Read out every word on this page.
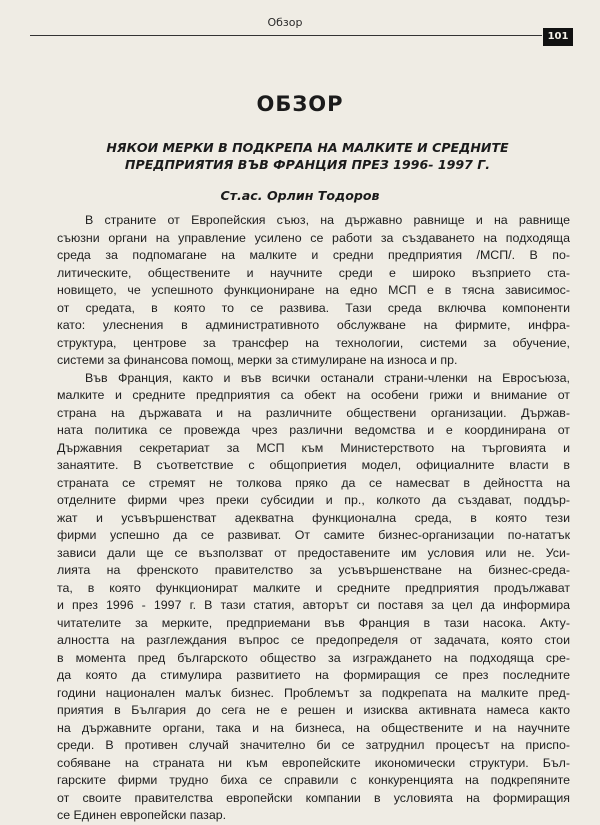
Обзор
101
ОБЗОР
НЯКОИ МЕРКИ В ПОДКРЕПА НА МАЛКИТЕ И СРЕДНИТЕ
ПРЕДПРИЯТИЯ ВЪВ ФРАНЦИЯ ПРЕЗ 1996- 1997 Г.

Ст.ас. Орлин Тодоров

В страните от Европейския съюз, на държавно равнище и на равнище
съюзни органи на управление усилено се работи за създаването на подходяща
среда за подпомагане на малките и средни предприятия /МСП/. В по-
литическите, обществените и научните среди е широко възприето ста-
новището, че успешното функциониране на едно МСП е в тясна зависимос-
от средата, в която то се развива. Тази среда включва компоненти
като: улеснения в административното обслужване на фирмите, инфра-
структура, центрове за трансфер на технологии, системи за обучение,
системи за финансова помощ, мерки за стимулиране на износа и пр.
Във Франция, както и във всички останали страни-членки на Евросъюза,
малките и средните предприятия са обект на особени грижи и внимание от
страна на държавата и на различните обществени организации. Държав-
ната политика се провежда чрез различни ведомства и е координирана от
Държавния секретариат за МСП към Министерството на търговията и
занаятите. В съответствие с общоприетия модел, официалните власти в
страната се стремят не толкова пряко да се намесват в дейността на
отделните фирми чрез преки субсидии и пр., колкото да създават, поддър-
жат и усъвършенстват адекватна функционална среда, в която тези
фирми успешно да се развиват. От самите бизнес-организации по-нататък
зависи дали ще се възползват от предоставените им условия или не. Уси-
лията на френското правителство за усъвършенстване на бизнес-среда-
та, в която функционират малките и средните предприятия продължават
и през 1996 - 1997 г. В тази статия, авторът си поставя за цел да информира
читателите за мерките, предприемани във Франция в тази насока. Акту-
алността на разглеждания въпрос се предопределя от задачата, която стои
в момента пред българското общество за изграждането на подходяща сре-
да която да стимулира развитието на формиращия се през последните
години национален малък бизнес. Проблемът за подкрепата на малките пред-
приятия в България до сега не е решен и изисква активната намеса както
на държавните органи, така и на бизнеса, на обществените и на научните
среди. В противен случай значително би се затруднил процесът на приспо-
собяване на страната ни към европейските икономически структури. Бъл-
гарските фирми трудно биха се справили с конкуренцията на подкрепяните
от своите правителства европейски компании в условията на формиращия
се Единен европейски пазар.
